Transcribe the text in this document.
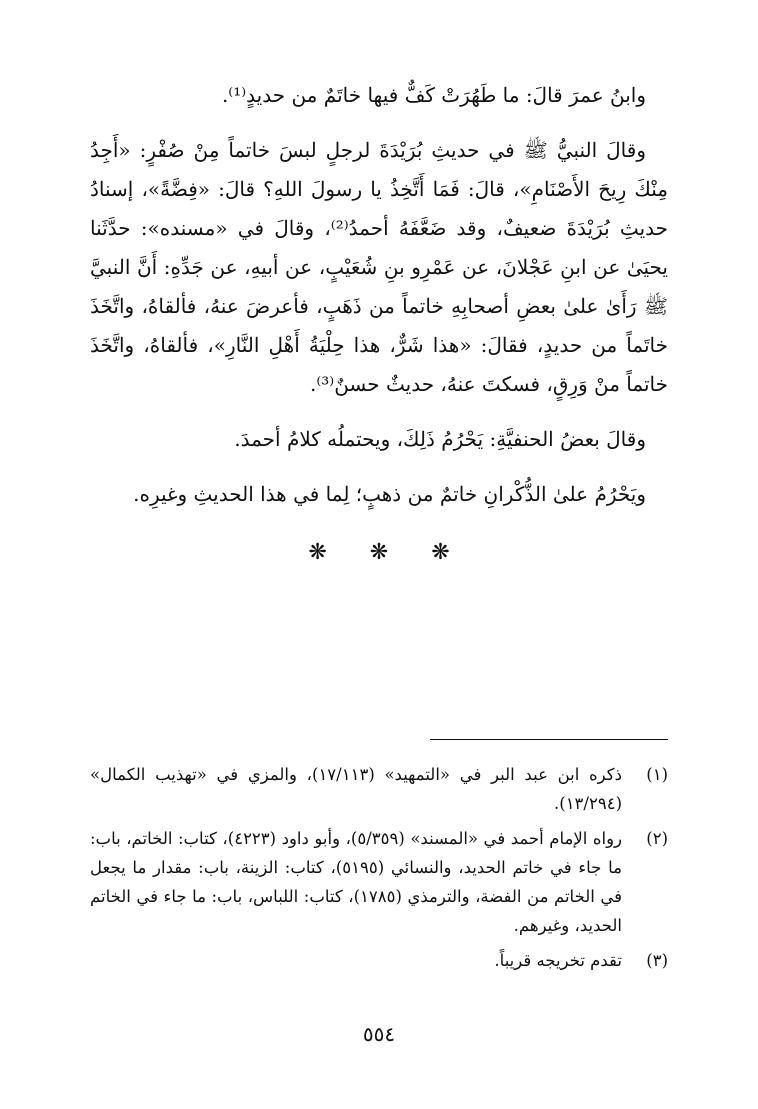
وابنُ عمرَ قالَ: ما طَهُرَتْ كَفٌّ فيها خاتَمٌ من حديدٍ⁽¹⁾.

وقالَ النبيُّ ﷺ في حديثِ بُرَيْدَةَ لرجلٍ لبسَ خاتماً مِنْ صُفْرٍ: «أَجِدُ مِنْكَ رِيحَ الأَصْنَامِ»، قالَ: فَمَا أَتَّخِذُ يا رسولَ اللهِ؟ قالَ: «فِضَّةً»، إسنادُ حديثِ بُرَيْدَةَ ضعيفٌ، وقد ضَعَّفَهُ أحمدُ⁽²⁾، وقالَ في «مسنده»: حدَّثَنا يحيَىٰ عن ابنِ عَجْلانَ، عن عَمْرِو بنِ شُعَيْبٍ، عن أبيهِ، عن جَدِّهِ: أَنَّ النبيَّ ﷺ رَأَىٰ علىٰ بعضِ أصحابِهِ خاتماً من ذَهَبٍ، فأعرضَ عنهُ، فألقاهُ، واتَّخَذَ خاتَماً من حديدٍ، فقالَ: «هذا شَرٌّ، هذا حِلْيَةُ أَهْلِ النَّارِ»، فألقاهُ، واتَّخَذَ خاتماً منْ وَرِقٍ، فسكتَ عنهُ، حديثٌ حسنٌ⁽³⁾.

وقالَ بعضُ الحنفيَّةِ: يَحْرُمُ ذَلِكَ، ويحتملُه كلامُ أحمدَ.

ويَحْرُمُ علىٰ الذُّكْرانِ خاتمٌ من ذهبٍ؛ لِما في هذا الحديثِ وغيرِه.

❋ ❋ ❋
(١)
ذكره ابن عبد البر في «التمهيد» (١٧/١١٣)، والمزي في «تهذيب الكمال» (١٣/٢٩٤).
(٢)
رواه الإمام أحمد في «المسند» (٥/٣٥٩)، وأبو داود (٤٢٢٣)، كتاب: الخاتم، باب: ما جاء في خاتم الحديد، والنسائي (٥١٩٥)، كتاب: الزينة، باب: مقدار ما يجعل في الخاتم من الفضة، والترمذي (١٧٨٥)، كتاب: اللباس، باب: ما جاء في الخاتم الحديد، وغيرهم.
(٣)
تقدم تخريجه قريباً.
٥٥٤
